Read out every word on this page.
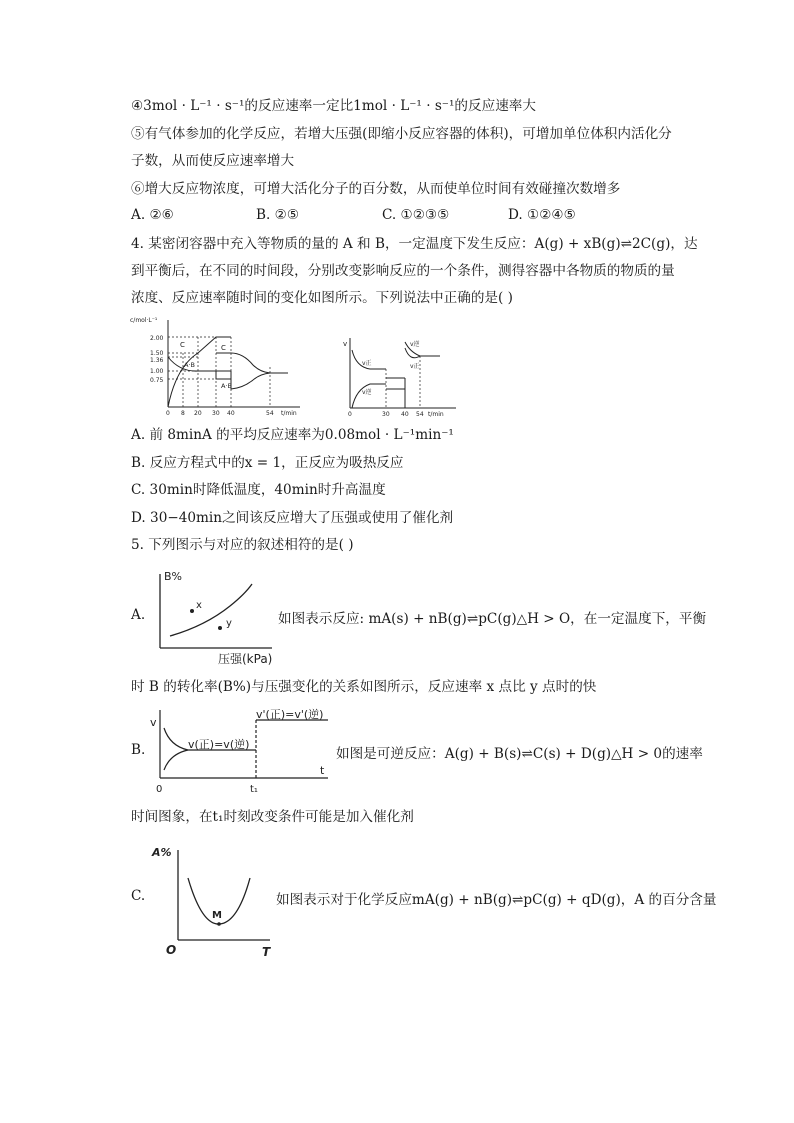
④3mol · L⁻¹ · s⁻¹的反应速率一定比1mol · L⁻¹ · s⁻¹的反应速率大
⑤有气体参加的化学反应，若增大压强(即缩小反应容器的体积)，可增加单位体积内活化分
子数，从而使反应速率增大
⑥增大反应物浓度，可增大活化分子的百分数，从而使单位时间有效碰撞次数增多
A. ②⑥	B. ②⑤	C. ①②③⑤	D. ①②④⑤
4. 某密闭容器中充入等物质的量的 A 和 B，一定温度下发生反应：A(g) + xB(g)⇌2C(g)，达
到平衡后，在不同的时间段，分别改变影响反应的一个条件，测得容器中各物质的物质的量
浓度、反应速率随时间的变化如图所示。下列说法中正确的是( )
c/mol·L⁻¹
2.00
1.50
1.36
1.00
0.75
0 8 20 30 40	54 t/min
C
A·B
C
A·B
v
0	30 40 54 t/min
v正
v逆
v逆
v正
A. 前 8minA 的平均反应速率为0.08mol · L⁻¹min⁻¹
B. 反应方程式中的x = 1，正反应为吸热反应
C. 30min时降低温度，40min时升高温度
D. 30−40min之间该反应增大了压强或使用了催化剂
5. 下列图示与对应的叙述相符的是( )
A.
B%
x
y
压强(kPa)
如图表示反应: mA(s) + nB(g)⇌pC(g)△H > O，在一定温度下，平衡
时 B 的转化率(B%)与压强变化的关系如图所示，反应速率 x 点比 y 点时的快
B.
v
v(正)=v(逆)
v'(正)=v'(逆)
0	t₁
t
如图是可逆反应：A(g) + B(s)⇌C(s) + D(g)△H > 0的速率
时间图象，在t₁时刻改变条件可能是加入催化剂
C.
A%
M
O	T
如图表示对于化学反应mA(g) + nB(g)⇌pC(g) + qD(g)，A 的百分含量
